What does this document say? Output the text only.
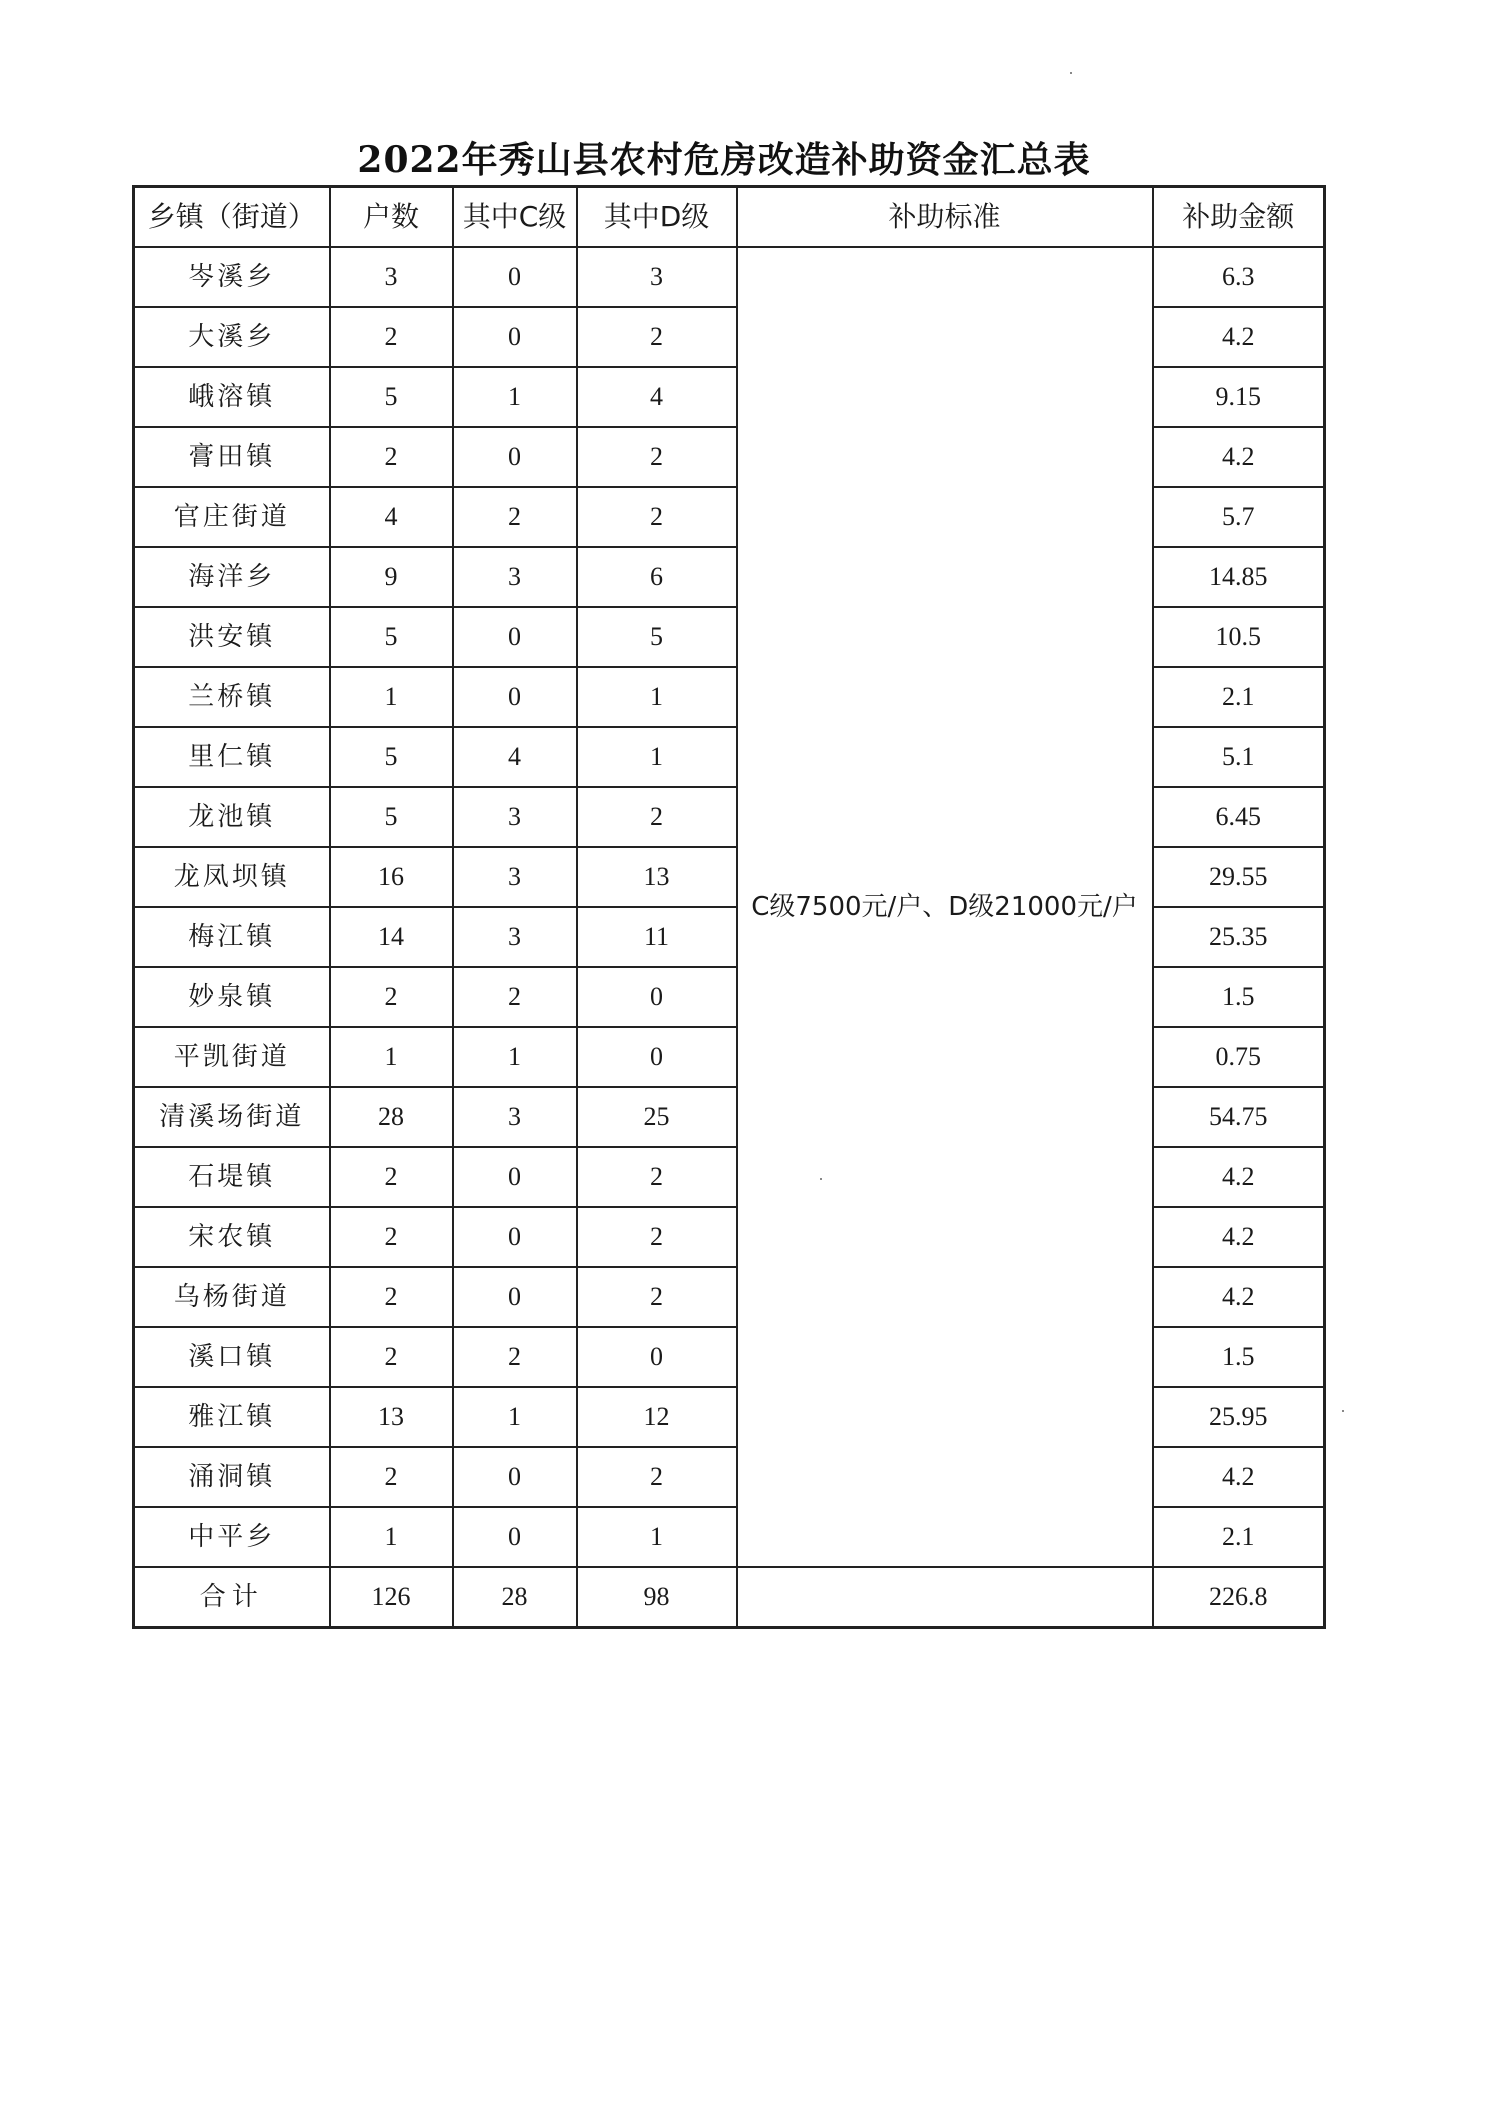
2022年秀山县农村危房改造补助资金汇总表
乡镇（街道）	户数	其中C级	其中D级	补助标准	补助金额
岑溪乡	3	0	3	C级7500元/户、D级21000元/户	6.3
大溪乡	2	0	2		4.2
峨溶镇	5	1	4		9.15
膏田镇	2	0	2		4.2
官庄街道	4	2	2		5.7
海洋乡	9	3	6		14.85
洪安镇	5	0	5		10.5
兰桥镇	1	0	1		2.1
里仁镇	5	4	1		5.1
龙池镇	5	3	2		6.45
龙凤坝镇	16	3	13		29.55
梅江镇	14	3	11		25.35
妙泉镇	2	2	0		1.5
平凯街道	1	1	0		0.75
清溪场街道	28	3	25		54.75
石堤镇	2	0	2		4.2
宋农镇	2	0	2		4.2
乌杨街道	2	0	2		4.2
溪口镇	2	2	0		1.5
雅江镇	13	1	12		25.95
涌洞镇	2	0	2		4.2
中平乡	1	0	1		2.1
合计	126	28	98		226.8
